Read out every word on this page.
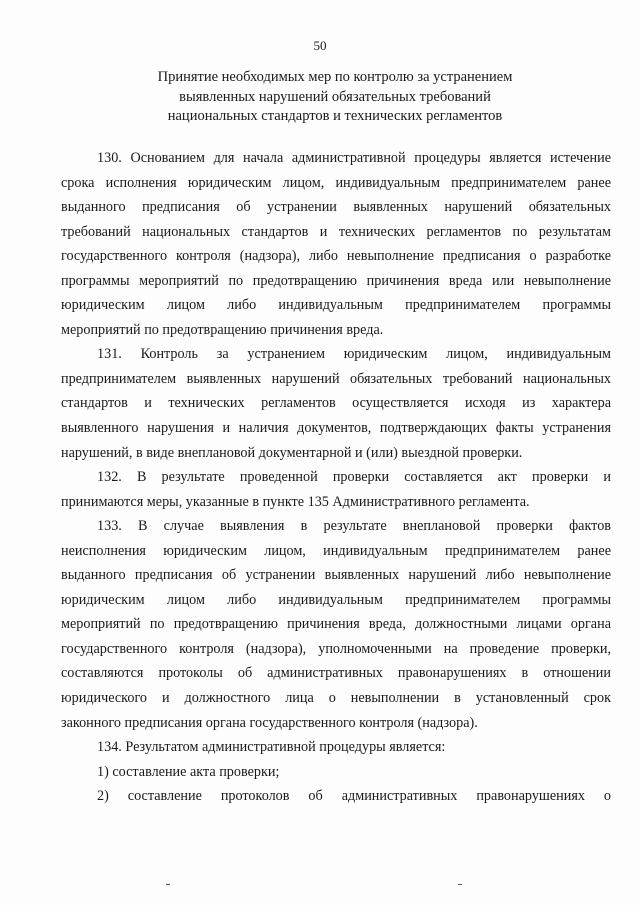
50
Принятие необходимых мер по контролю за устранением
выявленных нарушений обязательных требований
национальных стандартов и технических регламентов
130. Основанием для начала административной процедуры является истечение
срока исполнения юридическим лицом, индивидуальным предпринимателем ранее
выданного предписания об устранении выявленных нарушений обязательных
требований национальных стандартов и технических регламентов по результатам
государственного контроля (надзора), либо невыполнение предписания о разработке
программы мероприятий по предотвращению причинения вреда или невыполнение
юридическим лицом либо индивидуальным предпринимателем программы
мероприятий по предотвращению причинения вреда.
131. Контроль за устранением юридическим лицом, индивидуальным
предпринимателем выявленных нарушений обязательных требований национальных
стандартов и технических регламентов осуществляется исходя из характера
выявленного нарушения и наличия документов, подтверждающих факты устранения
нарушений, в виде внеплановой документарной и (или) выездной проверки.
132. В результате проведенной проверки составляется акт проверки и
принимаются меры, указанные в пункте 135 Административного регламента.
133. В случае выявления в результате внеплановой проверки фактов
неисполнения юридическим лицом, индивидуальным предпринимателем ранее
выданного предписания об устранении выявленных нарушений либо невыполнение
юридическим лицом либо индивидуальным предпринимателем программы
мероприятий по предотвращению причинения вреда, должностными лицами органа
государственного контроля (надзора), уполномоченными на проведение проверки,
составляются протоколы об административных правонарушениях в отношении
юридического и должностного лица о невыполнении в установленный срок
законного предписания органа государственного контроля (надзора).
134. Результатом административной процедуры является:
1) составление акта проверки;
2) составление протоколов об административных правонарушениях о
